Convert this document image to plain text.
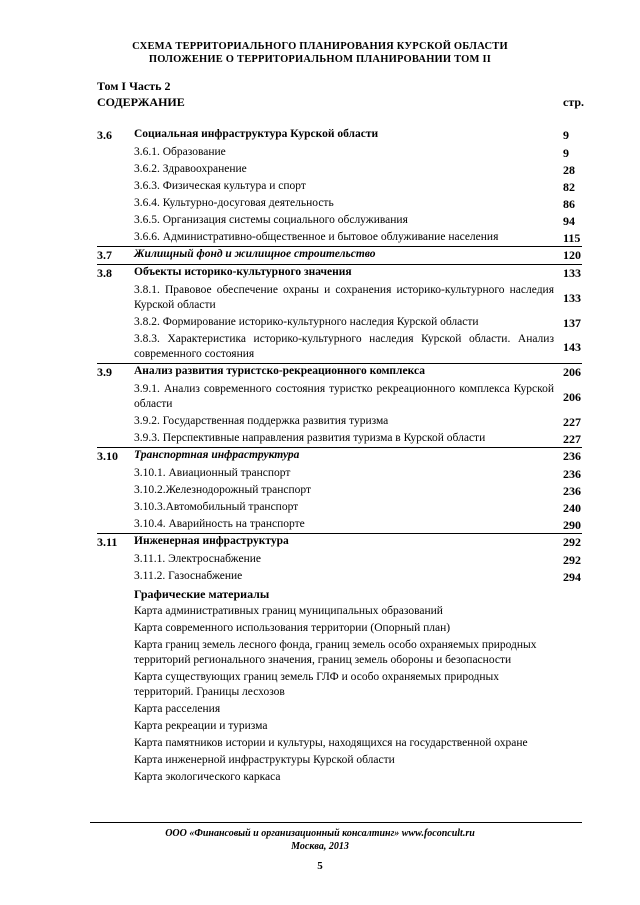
СХЕМА ТЕРРИТОРИАЛЬНОГО ПЛАНИРОВАНИЯ КУРСКОЙ ОБЛАСТИ
ПОЛОЖЕНИЕ О ТЕРРИТОРИАЛЬНОМ ПЛАНИРОВАНИИ ТОМ II
Том I Часть 2
СОДЕРЖАНИЕ	стр.
3.6 Социальная инфраструктура Курской области	9
3.6.1. Образование	9
3.6.2. Здравоохранение	28
3.6.3. Физическая культура и спорт	82
3.6.4. Культурно-досуговая деятельность	86
3.6.5. Организация системы социального обслуживания	94
3.6.6. Административно-общественное и бытовое облуживание населения	115
3.7 Жилищный фонд и жилищное строительство	120
3.8 Объекты историко-культурного значения	133
3.8.1. Правовое обеспечение охраны и сохранения историко-культурного наследия Курской области	133
3.8.2. Формирование историко-культурного наследия Курской области	137
3.8.3. Характеристика историко-культурного наследия Курской области. Анализ современного состояния	143
3.9 Анализ развития туристско-рекреационного комплекса	206
3.9.1. Анализ современного состояния туристко рекреационного комплекса Курской области	206
3.9.2. Государственная поддержка развития туризма	227
3.9.3. Перспективные направления развития туризма в Курской области	227
3.10 Транспортная инфраструктура	236
3.10.1. Авиационный транспорт	236
3.10.2.Железнодорожный транспорт	236
3.10.3.Автомобильный транспорт	240
3.10.4. Аварийность на транспорте	290
3.11 Инженерная инфраструктура	292
3.11.1. Электроснабжение	292
3.11.2. Газоснабжение	294
Графические материалы
Карта административных границ муниципальных образований
Карта современного использования территории (Опорный план)
Карта границ земель лесного фонда, границ земель особо охраняемых природных территорий регионального значения, границ земель обороны и безопасности
Карта существующих границ земель ГЛФ и особо охраняемых природных территорий. Границы лесхозов
Карта расселения
Карта рекреации и туризма
Карта памятников истории и культуры, находящихся на государственной охране
Карта инженерной инфраструктуры Курской области
Карта экологического каркаса
ООО «Финансовый и организационный консалтинг» www.foconcult.ru
Москва, 2013
5
